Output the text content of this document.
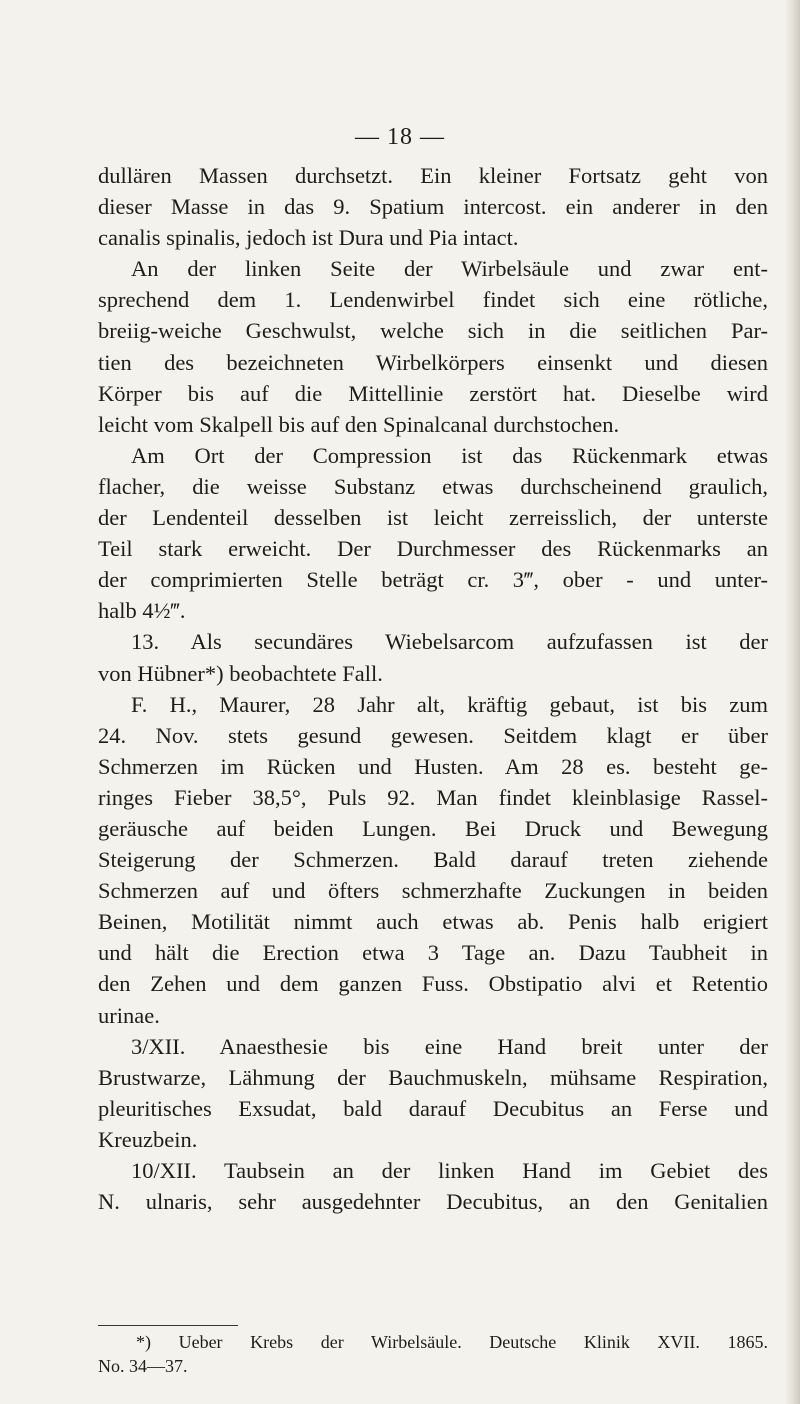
— 18 —
dullären Massen durchsetzt. Ein kleiner Fortsatz geht von
dieser Masse in das 9. Spatium intercost. ein anderer in den
canalis spinalis, jedoch ist Dura und Pia intact.
An der linken Seite der Wirbelsäule und zwar ent-
sprechend dem 1. Lendenwirbel findet sich eine rötliche,
breiig-weiche Geschwulst, welche sich in die seitlichen Par-
tien des bezeichneten Wirbelkörpers einsenkt und diesen
Körper bis auf die Mittellinie zerstört hat. Dieselbe wird
leicht vom Skalpell bis auf den Spinalcanal durchstochen.
Am Ort der Compression ist das Rückenmark etwas
flacher, die weisse Substanz etwas durchscheinend graulich,
der Lendenteil desselben ist leicht zerreisslich, der unterste
Teil stark erweicht. Der Durchmesser des Rückenmarks an
der comprimierten Stelle beträgt cr. 3‴, ober - und unter-
halb 4½‴.
13. Als secundäres Wiebelsarcom aufzufassen ist der
von Hübner*) beobachtete Fall.
F. H., Maurer, 28 Jahr alt, kräftig gebaut, ist bis zum
24. Nov. stets gesund gewesen. Seitdem klagt er über
Schmerzen im Rücken und Husten. Am 28 es. besteht ge-
ringes Fieber 38,5°, Puls 92. Man findet kleinblasige Rassel-
geräusche auf beiden Lungen. Bei Druck und Bewegung
Steigerung der Schmerzen. Bald darauf treten ziehende
Schmerzen auf und öfters schmerzhafte Zuckungen in beiden
Beinen, Motilität nimmt auch etwas ab. Penis halb erigiert
und hält die Erection etwa 3 Tage an. Dazu Taubheit in
den Zehen und dem ganzen Fuss. Obstipatio alvi et Retentio
urinae.
3/XII. Anaesthesie bis eine Hand breit unter der
Brustwarze, Lähmung der Bauchmuskeln, mühsame Respiration,
pleuritisches Exsudat, bald darauf Decubitus an Ferse und
Kreuzbein.
10/XII. Taubsein an der linken Hand im Gebiet des
N. ulnaris, sehr ausgedehnter Decubitus, an den Genitalien
*) Ueber Krebs der Wirbelsäule. Deutsche Klinik XVII. 1865.
No. 34—37.
